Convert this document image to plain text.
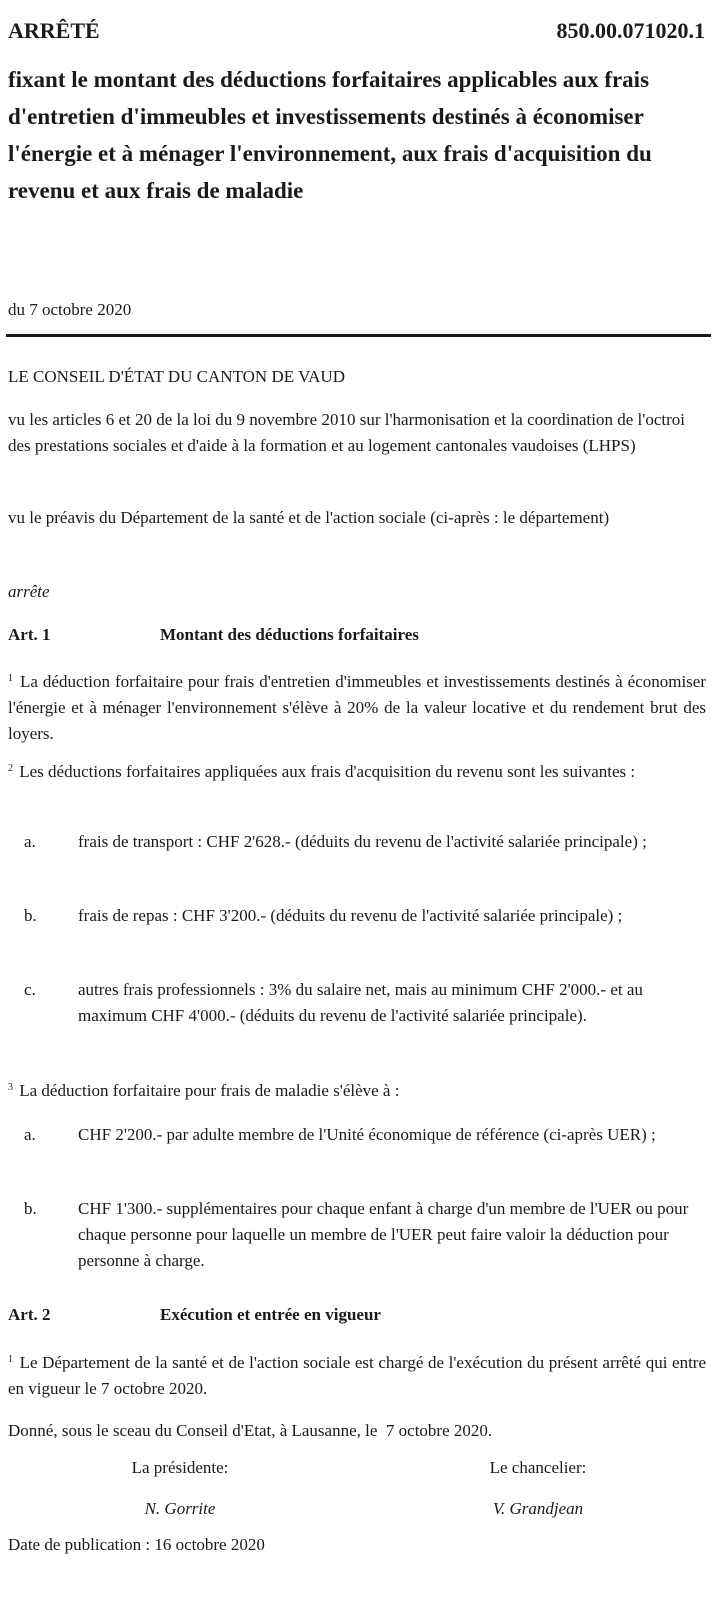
ARRÊTÉ	850.00.071020.1
fixant le montant des déductions forfaitaires applicables aux frais d'entretien d'immeubles et investissements destinés à économiser l'énergie et à ménager l'environnement, aux frais d'acquisition du revenu et aux frais de maladie
du 7 octobre 2020
LE CONSEIL D'ÉTAT DU CANTON DE VAUD
vu les articles 6 et 20 de la loi du 9 novembre 2010 sur l'harmonisation et la coordination de l'octroi des prestations sociales et d'aide à la formation et au logement cantonales vaudoises (LHPS)
vu le préavis du Département de la santé et de l'action sociale (ci-après : le département)
arrête
Art. 1	Montant des déductions forfaitaires
$^1$ La déduction forfaitaire pour frais d'entretien d'immeubles et investissements destinés à économiser l'énergie et à ménager l'environnement s'élève à 20% de la valeur locative et du rendement brut des loyers.
$^2$ Les déductions forfaitaires appliquées aux frais d'acquisition du revenu sont les suivantes :
a. frais de transport : CHF 2'628.- (déduits du revenu de l'activité salariée principale) ;
b. frais de repas : CHF 3'200.- (déduits du revenu de l'activité salariée principale) ;
c. autres frais professionnels : 3% du salaire net, mais au minimum CHF 2'000.- et au maximum CHF 4'000.- (déduits du revenu de l'activité salariée principale).
$^3$ La déduction forfaitaire pour frais de maladie s'élève à :
a. CHF 2'200.- par adulte membre de l'Unité économique de référence (ci-après UER) ;
b. CHF 1'300.- supplémentaires pour chaque enfant à charge d'un membre de l'UER ou pour chaque personne pour laquelle un membre de l'UER peut faire valoir la déduction pour personne à charge.
Art. 2	Exécution et entrée en vigueur
$^1$ Le Département de la santé et de l'action sociale est chargé de l'exécution du présent arrêté qui entre en vigueur le 7 octobre 2020.
Donné, sous le sceau du Conseil d'Etat, à Lausanne, le  7 octobre 2020.
La présidente:	Le chancelier:
N. Gorrite	V. Grandjean
Date de publication : 16 octobre 2020
